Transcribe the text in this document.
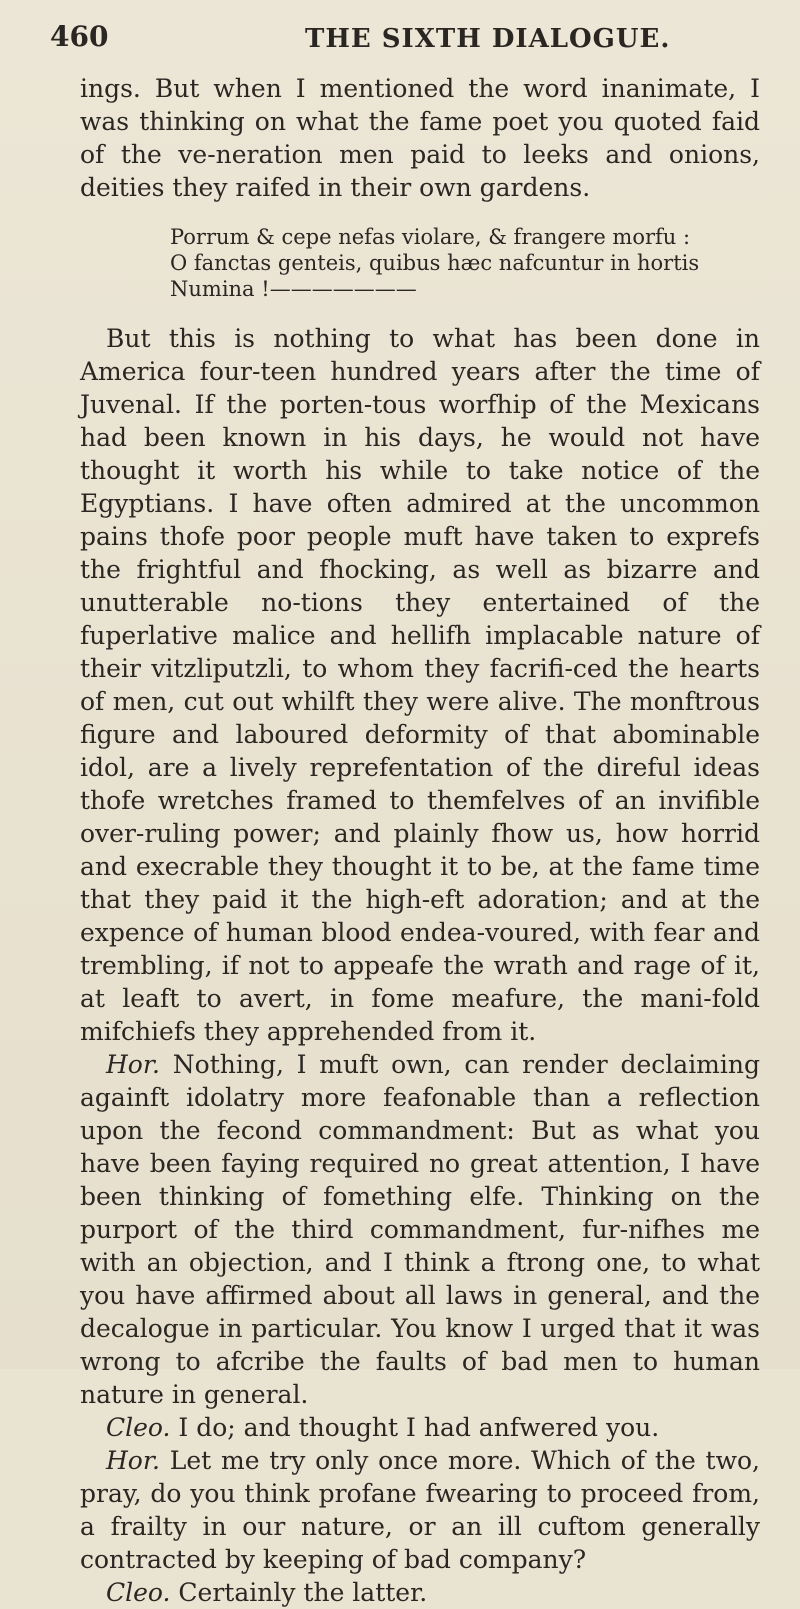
460	THE SIXTH DIALOGUE.

ings. But when I mentioned the word inanimate, I was thinking on what the fame poet you quoted faid of the ve-neration men paid to leeks and onions, deities they raifed in their own gardens.

Porrum & cepe nefas violare, & frangere morfu :
O fanctas genteis, quibus hæc nafcuntur in hortis
Numina !———————

But this is nothing to what has been done in America four-teen hundred years after the time of Juvenal. If the porten-tous worfhip of the Mexicans had been known in his days, he would not have thought it worth his while to take notice of the Egyptians. I have often admired at the uncommon pains thofe poor people muft have taken to exprefs the frightful and fhocking, as well as bizarre and unutterable no-tions they entertained of the fuperlative malice and hellifh implacable nature of their vitzliputzli, to whom they facrifi-ced the hearts of men, cut out whilft they were alive. The monftrous figure and laboured deformity of that abominable idol, are a lively reprefentation of the direful ideas thofe wretches framed to themfelves of an invifible over-ruling power; and plainly fhow us, how horrid and execrable they thought it to be, at the fame time that they paid it the high-eft adoration; and at the expence of human blood endea-voured, with fear and trembling, if not to appeafe the wrath and rage of it, at leaft to avert, in fome meafure, the mani-fold mifchiefs they apprehended from it.

Hor. Nothing, I muft own, can render declaiming againft idolatry more feafonable than a reflection upon the fecond commandment: But as what you have been faying required no great attention, I have been thinking of fomething elfe. Thinking on the purport of the third commandment, fur-nifhes me with an objection, and I think a ftrong one, to what you have affirmed about all laws in general, and the decalogue in particular. You know I urged that it was wrong to afcribe the faults of bad men to human nature in general.

Cleo. I do; and thought I had anfwered you.

Hor. Let me try only once more. Which of the two, pray, do you think profane fwearing to proceed from, a frailty in our nature, or an ill cuftom generally contracted by keeping of bad company?

Cleo. Certainly the latter.
